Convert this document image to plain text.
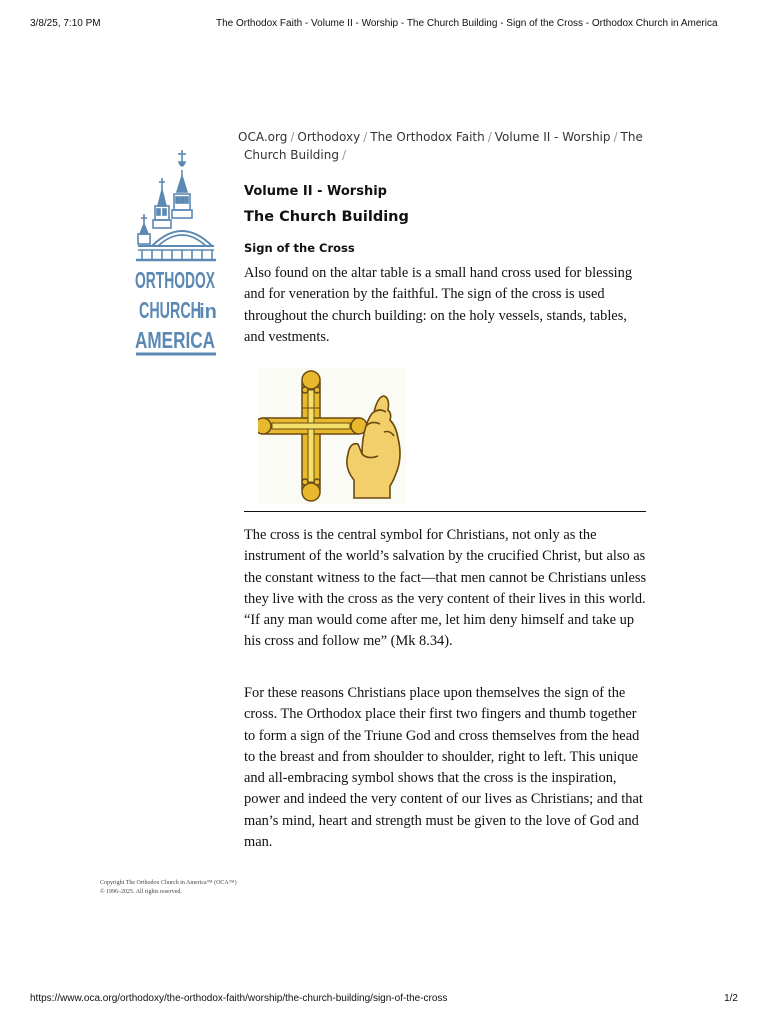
3/8/25, 7:10 PM	The Orthodox Faith - Volume II - Worship - The Church Building - Sign of the Cross - Orthodox Church in America
ORTHODOX
CHURCH
in
AMERICA
OCA.org / Orthodoxy / The Orthodox Faith / Volume II - Worship / The
Church Building /
Volume II - Worship
The Church Building
Sign of the Cross

Also found on the altar table is a small hand cross used for blessing and for veneration by the faithful. The sign of the cross is used throughout the church building: on the holy vessels, stands, tables, and vestments.

The cross is the central symbol for Christians, not only as the instrument of the world’s salvation by the crucified Christ, but also as the constant witness to the fact—that men cannot be Christians unless they live with the cross as the very content of their lives in this world. “If any man would come after me, let him deny himself and take up his cross and follow me” (Mk 8.34).

For these reasons Christians place upon themselves the sign of the cross. The Orthodox place their first two fingers and thumb together to form a sign of the Triune God and cross themselves from the head to the breast and from shoulder to shoulder, right to left. This unique and all-embracing symbol shows that the cross is the inspiration, power and indeed the very content of our lives as Christians; and that man’s mind, heart and strength must be given to the love of God and man.

Copyright The Orthodox Church in America™ (OCA™)
© 1996–2025. All rights reserved.
https://www.oca.org/orthodoxy/the-orthodox-faith/worship/the-church-building/sign-of-the-cross	1/2
